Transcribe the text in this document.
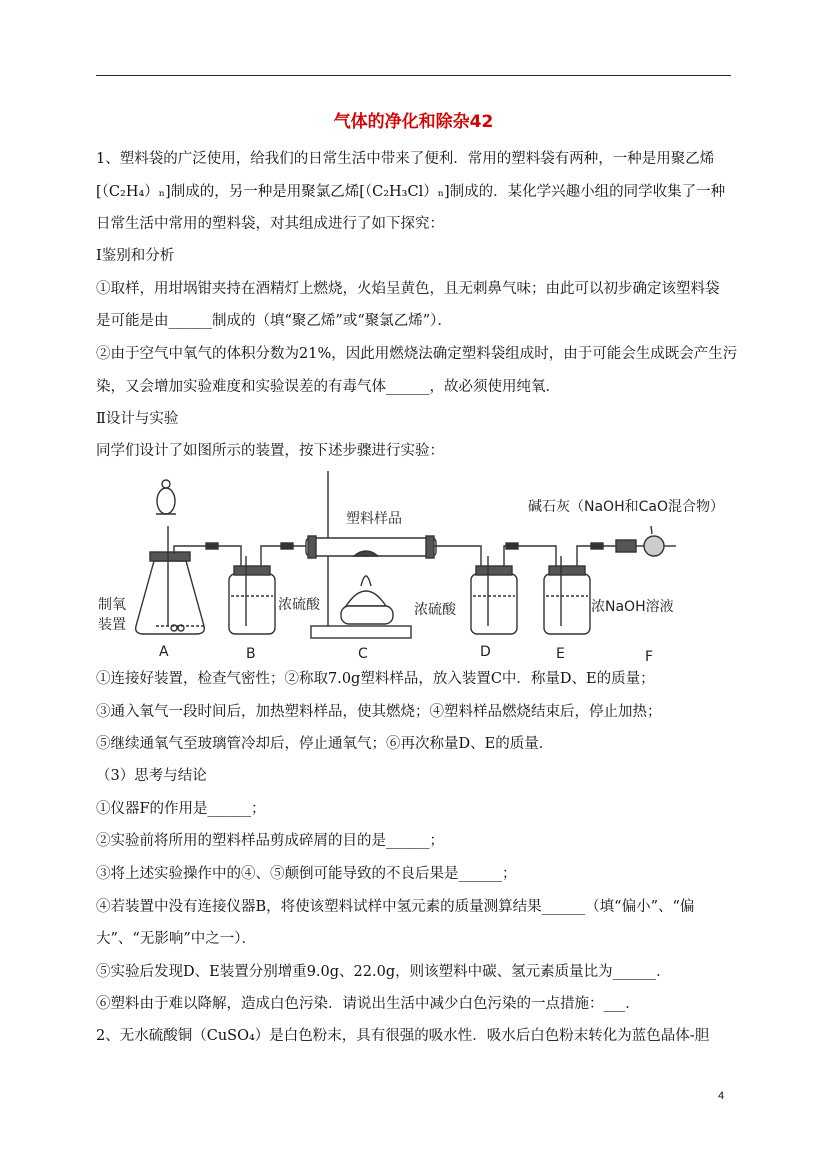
气体的净化和除杂42
1、塑料袋的广泛使用，给我们的日常生活中带来了便利．常用的塑料袋有两种，一种是用聚乙烯
[（C₂H₄）ₙ]制成的，另一种是用聚氯乙烯[（C₂H₃Cl）ₙ]制成的．某化学兴趣小组的同学收集了一种
日常生活中常用的塑料袋，对其组成进行了如下探究：
Ⅰ鉴别和分析
①取样，用坩埚钳夹持在酒精灯上燃烧，火焰呈黄色，且无刺鼻气味；由此可以初步确定该塑料袋
是可能是由______制成的（填“聚乙烯”或“聚氯乙烯”）．
②由于空气中氧气的体积分数为21%，因此用燃烧法确定塑料袋组成时，由于可能会生成既会产生污
染，又会增加实验难度和实验误差的有毒气体______，故必须使用纯氧．
Ⅱ设计与实验
同学们设计了如图所示的装置，按下述步骤进行实验：
塑料样品
碱石灰（NaOH和CaO混合物）
制氧
装置
浓硫酸	浓硫酸	浓NaOH溶液
A	B	C	D	E	F
①连接好装置，检查气密性；②称取7.0g塑料样品，放入装置C中．称量D、E的质量；
③通入氧气一段时间后，加热塑料样品，使其燃烧；④塑料样品燃烧结束后，停止加热；
⑤继续通氧气至玻璃管冷却后，停止通氧气；⑥再次称量D、E的质量．
（3）思考与结论
①仪器F的作用是______；
②实验前将所用的塑料样品剪成碎屑的目的是______；
③将上述实验操作中的④、⑤颠倒可能导致的不良后果是______；
④若装置中没有连接仪器B，将使该塑料试样中氢元素的质量测算结果______（填“偏小”、“偏
大”、“无影响”中之一）．
⑤实验后发现D、E装置分别增重9.0g、22.0g，则该塑料中碳、氢元素质量比为______．
⑥塑料由于难以降解，造成白色污染．请说出生活中减少白色污染的一点措施：___．
2、无水硫酸铜（CuSO₄）是白色粉末，具有很强的吸水性．吸水后白色粉末转化为蓝色晶体-胆
4
